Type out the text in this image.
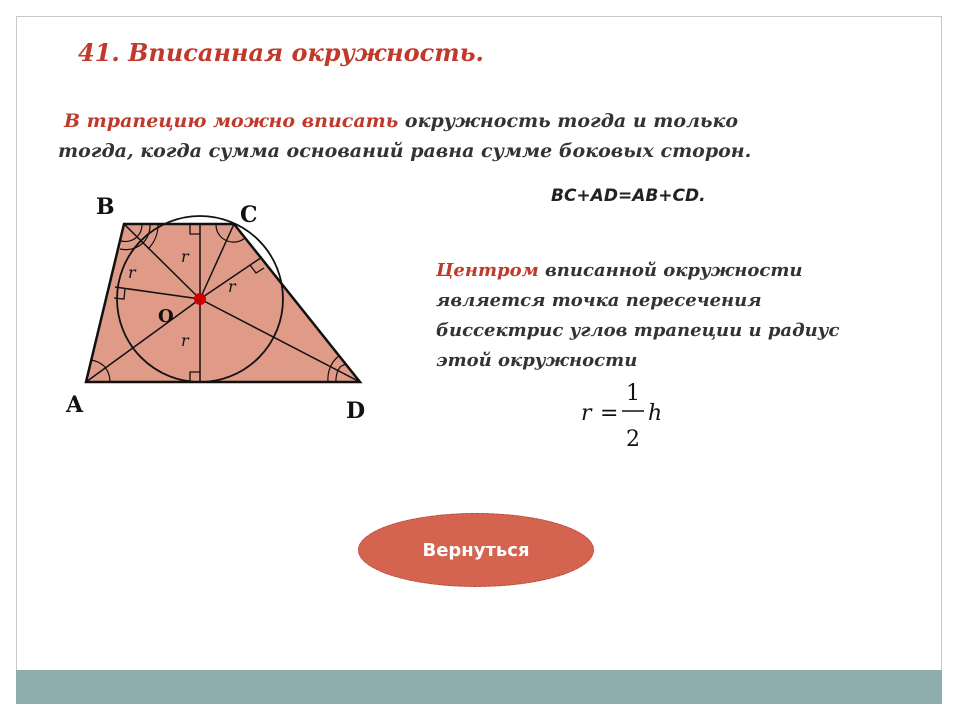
41. Вписанная окружность.
В трапецию можно вписать окружность тогда и только
тогда, когда сумма оснований равна сумме боковых сторон.
BC+AD=AB+CD.
Центром вписанной окружности
является точка пересечения
биссектрис углов трапеции и радиус
этой окружности
B	C
A	D
O
r
r
r
r
r =
1
2
h
Вернуться
